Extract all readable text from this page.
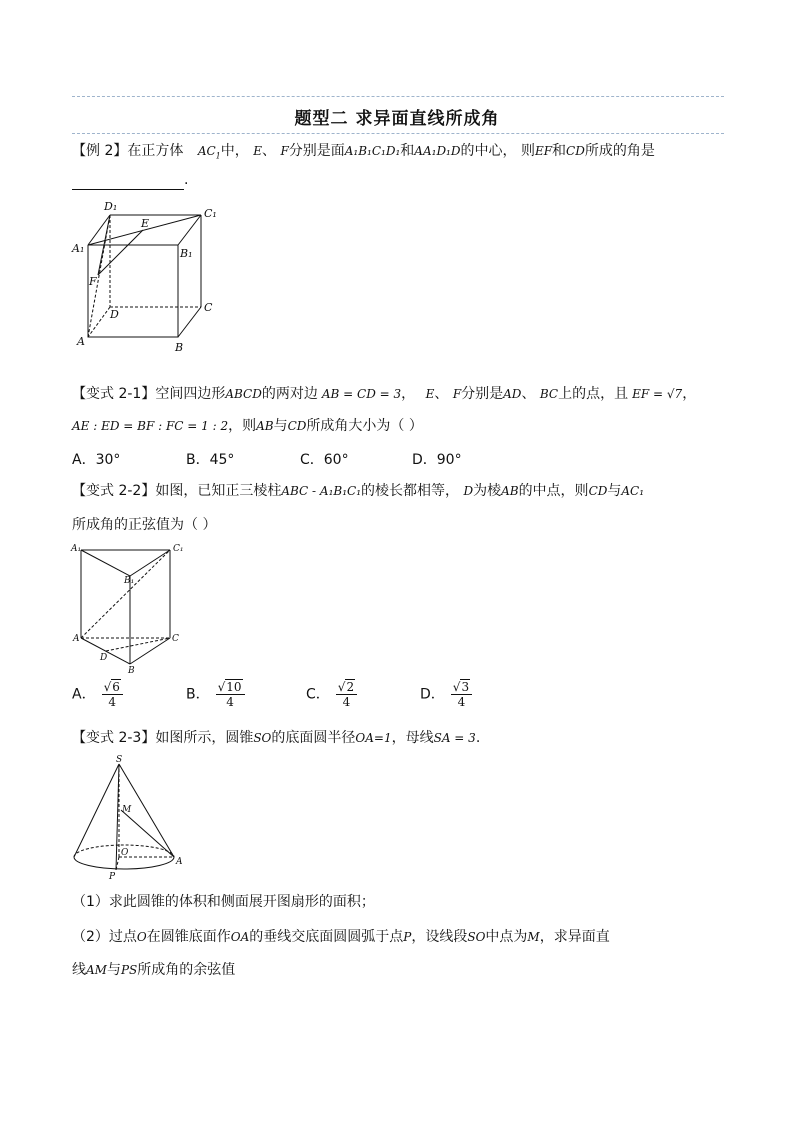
题型二 求异面直线所成角
【例 2】在正方体 $AC_1$中， E、 F分别是面A₁B₁C₁D₁和AA₁D₁D的中心， 则EF和CD所成的角是
.
D₁
C₁
A₁	B₁
E
F
D
C
A	B
【变式 2-1】空间四边形ABCD的两对边 AB = CD = 3， E、 F分别是AD、 BC上的点，且 EF = √7，
AE : ED = BF : FC = 1 : 2，则AB与CD所成角大小为（ ）
A．30°	B．45°	C．60°	D．90°
【变式 2-2】如图，已知正三棱柱ABC - A₁B₁C₁的棱长都相等， D为棱AB的中点，则CD与AC₁
所成角的正弦值为（ ）
A₁	C₁
B₁
A	C
D
B
A． $\frac{√6}{4}$	B． $\frac{√10}{4}$	C． $\frac{√2}{4}$	D． $\frac{√3}{4}$
【变式 2-3】如图所示，圆锥SO的底面圆半径OA=1，母线SA = 3.
S
M
O
A
P
（1）求此圆锥的体积和侧面展开图扇形的面积；
（2）过点O在圆锥底面作OA的垂线交底面圆圆弧于点P，设线段SO中点为M，求异面直
线AM与PS所成角的余弦值
